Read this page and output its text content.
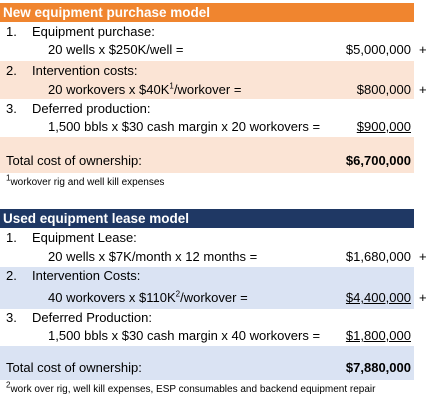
New equipment purchase model
1. Equipment purchase:
20 wells x $250K/well =	$5,000,000 +
2. Intervention costs:
20 workovers x $\$40K^1$/workover =	$800,000 +
3. Deferred production:
1,500 bbls x $30 cash margin x 20 workovers =	$900,000
Total cost of ownership:	$6,700,000
$^1$workover rig and well kill expenses
Used equipment lease model
1. Equipment Lease:
20 wells x $7K/month x 12 months =	$1,680,000 +
2. Intervention Costs:
40 workovers x $\$110K^2$/workover =	$4,400,000 +
3. Deferred Production:
1,500 bbls x $30 cash margin x 40 workovers = $1,800,000
Total cost of ownership:	$7,880,000
$^2$work over rig, well kill expenses, ESP consumables and backend equipment repair
